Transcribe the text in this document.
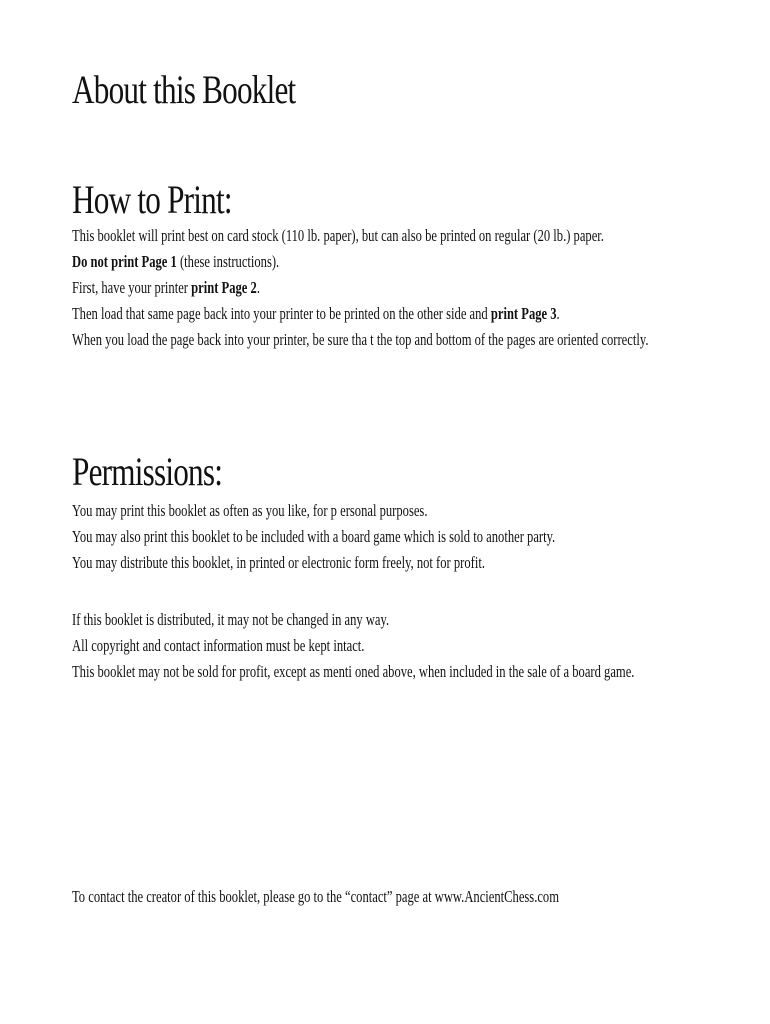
About this Booklet
How to Print:
This booklet will print best on card stock (110 lb. paper), but can also be printed on regular (20 lb.) paper.
Do not print Page 1 (these instructions).
First, have your printer print Page 2.
Then load that same page back into your printer to be printed on the other side and print Page 3.
When you load the page back into your printer, be sure tha t the top and bottom of the pages are oriented correctly.
Permissions:
You may print this booklet as often as you like, for p ersonal purposes.
You may also print this booklet to be included with a board game which is sold to another party.
You may distribute this booklet, in printed or electronic form freely, not for profit.
If this booklet is distributed, it may not be changed in any way.
All copyright and contact information must be kept intact.
This booklet may not be sold for profit, except as menti oned above, when included in the sale of a board game.

To contact the creator of this booklet, please go to the “contact” page at www.AncientChess.com
